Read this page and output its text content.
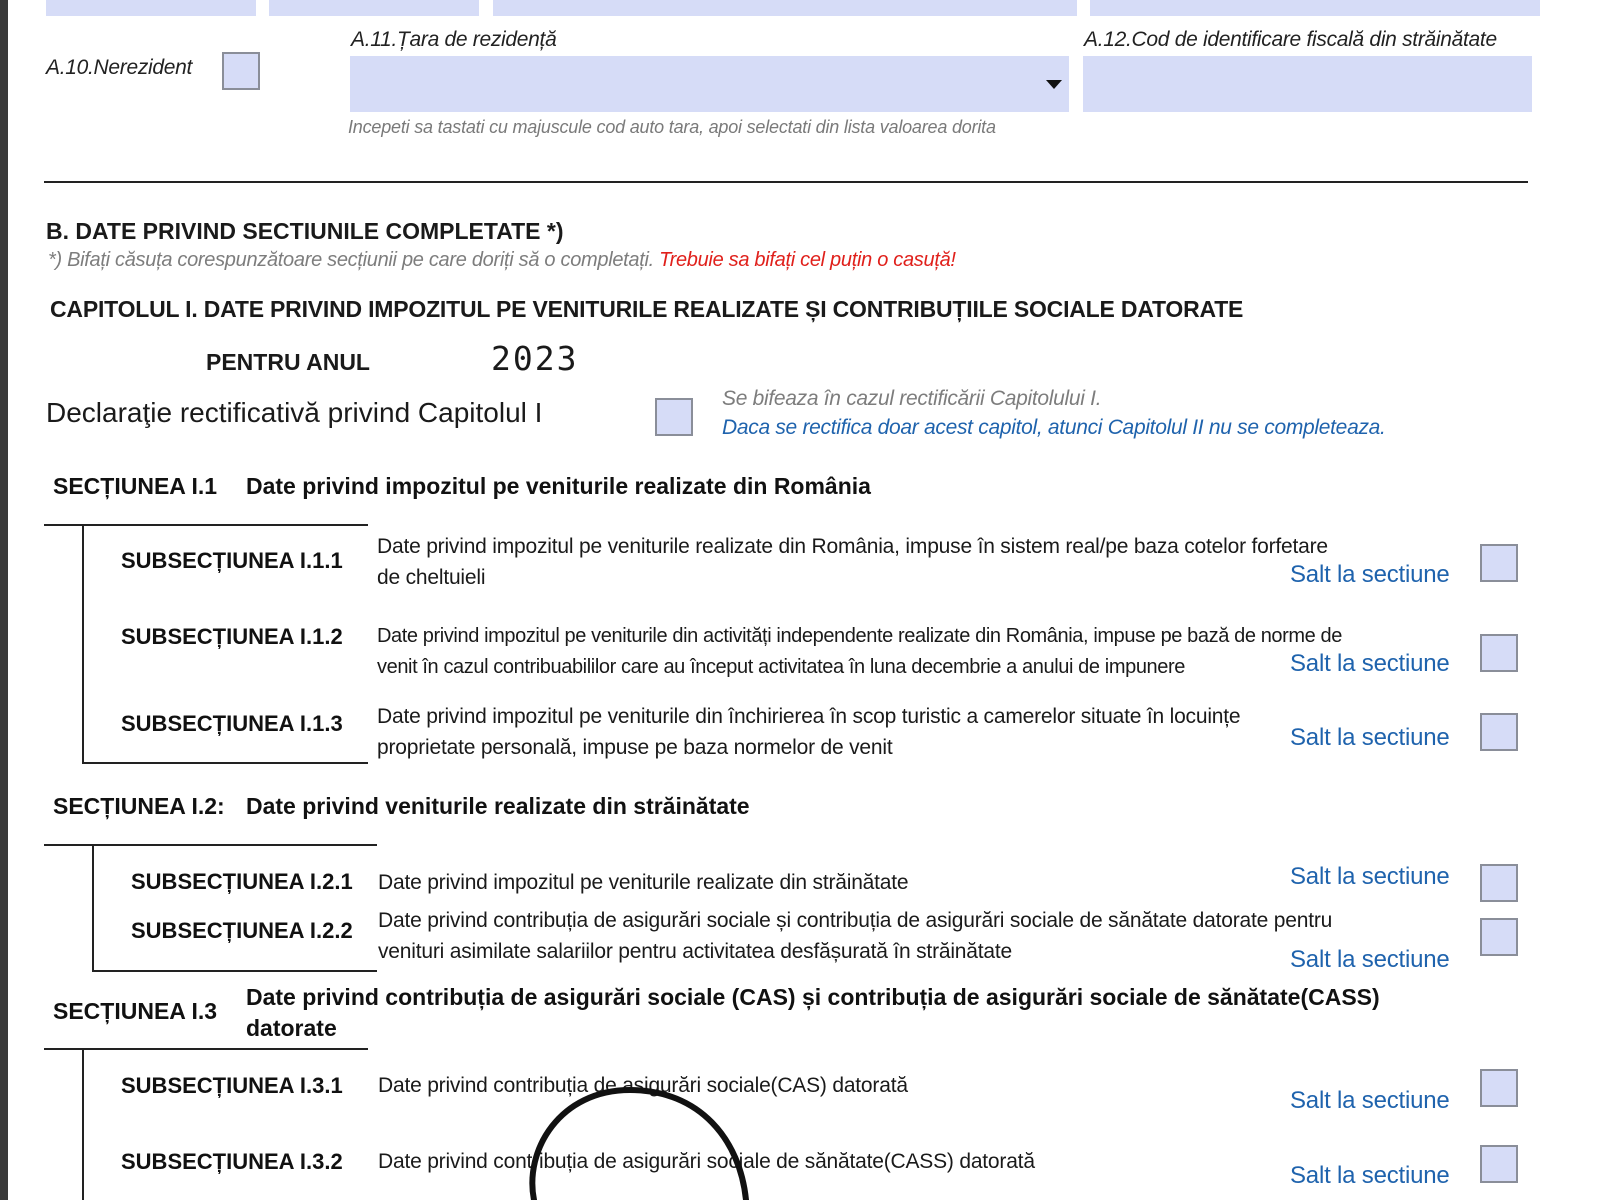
A.10.Nerezident
A.11.Țara de rezidență
Incepeti sa tastati cu majuscule cod auto tara, apoi selectati din lista valoarea dorita
A.12.Cod de identificare fiscală din străinătate
B. DATE PRIVIND SECTIUNILE COMPLETATE *)
*) Bifați căsuța corespunzătoare secțiunii pe care doriți să o completați. Trebuie sa bifați cel puțin o casuță!
CAPITOLUL I. DATE PRIVIND IMPOZITUL PE VENITURILE REALIZATE ȘI CONTRIBUȚIILE SOCIALE DATORATE
PENTRU ANUL	2023
Declaraţie rectificativă privind Capitolul I	Se bifeaza în cazul rectificării Capitolului I.
Daca se rectifica doar acest capitol, atunci Capitolul II nu se completeaza.
SECȚIUNEA I.1 Date privind impozitul pe veniturile realizate din România
SUBSECȚIUNEA I.1.1
Date privind impozitul pe veniturile realizate din România, impuse în sistem real/pe baza cotelor forfetare
de cheltuieli	Salt la sectiune
SUBSECȚIUNEA I.1.2 Date privind impozitul pe veniturile din activități independente realizate din România, impuse pe bază de norme de
venit în cazul contribuabililor care au început activitatea în luna decembrie a anului de impunere	Salt la sectiune
SUBSECȚIUNEA I.1.3 Date privind impozitul pe veniturile din închirierea în scop turistic a camerelor situate în locuințe
proprietate personală, impuse pe baza normelor de venit	Salt la sectiune
SECȚIUNEA I.2: Date privind veniturile realizate din străinătate
SUBSECȚIUNEA I.2.1 Date privind impozitul pe veniturile realizate din străinătate	Salt la sectiune
SUBSECȚIUNEA I.2.2 Date privind contribuția de asigurări sociale și contribuția de asigurări sociale de sănătate datorate pentru
venituri asimilate salariilor pentru activitatea desfășurată în străinătate	Salt la sectiune
SECȚIUNEA I.3
Date privind contribuția de asigurări sociale (CAS) și contribuția de asigurări sociale de sănătate(CASS)
datorate
SUBSECȚIUNEA I.3.1 Date privind contribuția de asigurări sociale(CAS) datorată
Salt la sectiune
SUBSECȚIUNEA I.3.2 Date privind contribuția de asigurări sociale de sănătate(CASS) datorată
Salt la sectiune
